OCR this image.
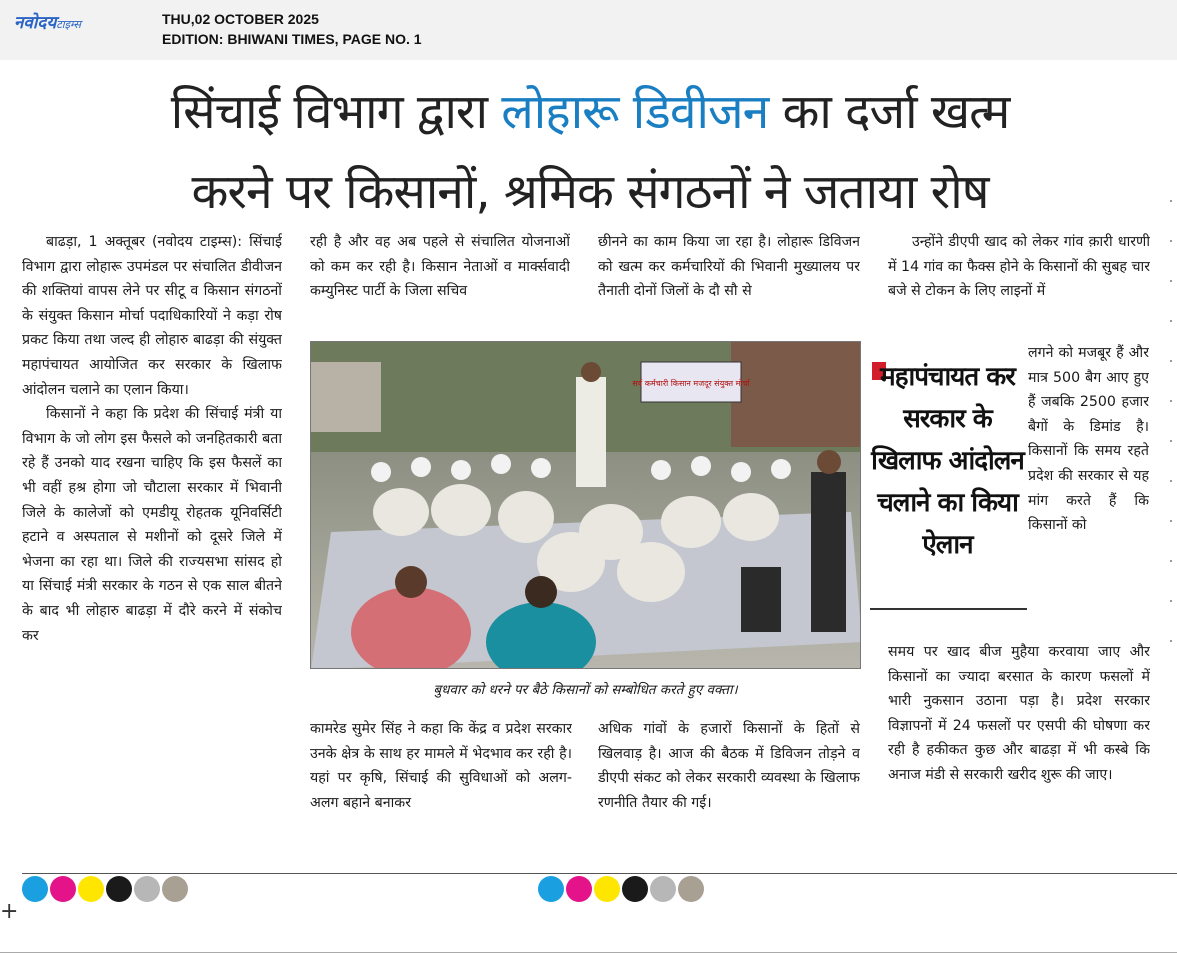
नवोदयटाइम्स	THU,02 OCTOBER 2025
EDITION: BHIWANI TIMES, PAGE NO. 1
सिंचाई विभाग द्वारा लोहारू डिवीजन का दर्जा खत्म
करने पर किसानों, श्रमिक संगठनों ने जताया रोष

बाढड़ा, 1 अक्तूबर (नवोदय टाइम्स): सिंचाई विभाग द्वारा लोहारू उपमंडल पर संचालित डीवीजन की शक्तियां वापस लेने पर सीटू व किसान संगठनों के संयुक्त किसान मोर्चा पदाधिकारियों ने कड़ा रोष प्रकट किया तथा जल्द ही लोहारु बाढड़ा की संयुक्त महापंचायत आयोजित कर सरकार के खिलाफ आंदोलन चलाने का एलान किया।

किसानों ने कहा कि प्रदेश की सिंचाई मंत्री या विभाग के जो लोग इस फैसले को जनहितकारी बता रहे हैं उनको याद रखना चाहिए कि इस फैसलें का भी वहीं हश्र होगा जो चौटाला सरकार में भिवानी जिले के कालेजों को एमडीयू रोहतक यूनिवर्सिटी हटाने व अस्पताल से मशीनों को दूसरे जिले में भेजना का रहा था। जिले की राज्यसभा सांसद हो या सिंचाई मंत्री सरकार के गठन से एक साल बीतने के बाद भी लोहारु बाढड़ा में दौरे करने में संकोच कर

रही है और वह अब पहले से संचालित योजनाओं को कम कर रही है। किसान नेताओं व मार्क्सवादी कम्युनिस्ट पार्टी के जिला सचिव

छीनने का काम किया जा रहा है। लोहारू डिविजन को खत्म कर कर्मचारियों की भिवानी मुख्यालय पर तैनाती दोनों जिलों के दौ सौ से

उन्होंने डीएपी खाद को लेकर गांव क़ारी धारणी में 14 गांव का फैक्स होने के किसानों की सुबह चार बजे से टोकन के लिए लाइनों में

सर्व कर्मचारी किसान मजदूर संयुक्त मोर्चा
बुधवार को धरने पर बैठे किसानों को सम्बोधित करते हुए वक्ता।

लगने को मजबूर हैं और मात्र 500 बैग आए हुए हैं जबकि 2500 हजार बैगों के डिमांड है। किसानों कि समय रहते प्रदेश की सरकार से यह मांग करते हैं कि किसानों को

महापंचायत कर सरकार के खिलाफ आंदोलन चलाने का किया ऐलान

समय पर खाद बीज मुहैया करवाया जाए और किसानों का ज्यादा बरसात के कारण फसलों में भारी नुकसान उठाना पड़ा है। प्रदेश सरकार विज्ञापनों में 24 फसलों पर एसपी की घोषणा कर रही है हकीकत कुछ और बाढड़ा में भी कस्बे कि अनाज मंडी से सरकारी खरीद शुरू की जाए।

कामरेड सुमेर सिंह ने कहा कि केंद्र व प्रदेश सरकार उनके क्षेत्र के साथ हर मामले में भेदभाव कर रही है। यहां पर कृषि, सिंचाई की सुविधाओं को अलग-अलग बहाने बनाकर

अधिक गांवों के हजारों किसानों के हितों से खिलवाड़ है। आज की बैठक में डिविजन तोड़ने व डीएपी संकट को लेकर सरकारी व्यवस्था के खिलाफ रणनीति तैयार की गई।

+
